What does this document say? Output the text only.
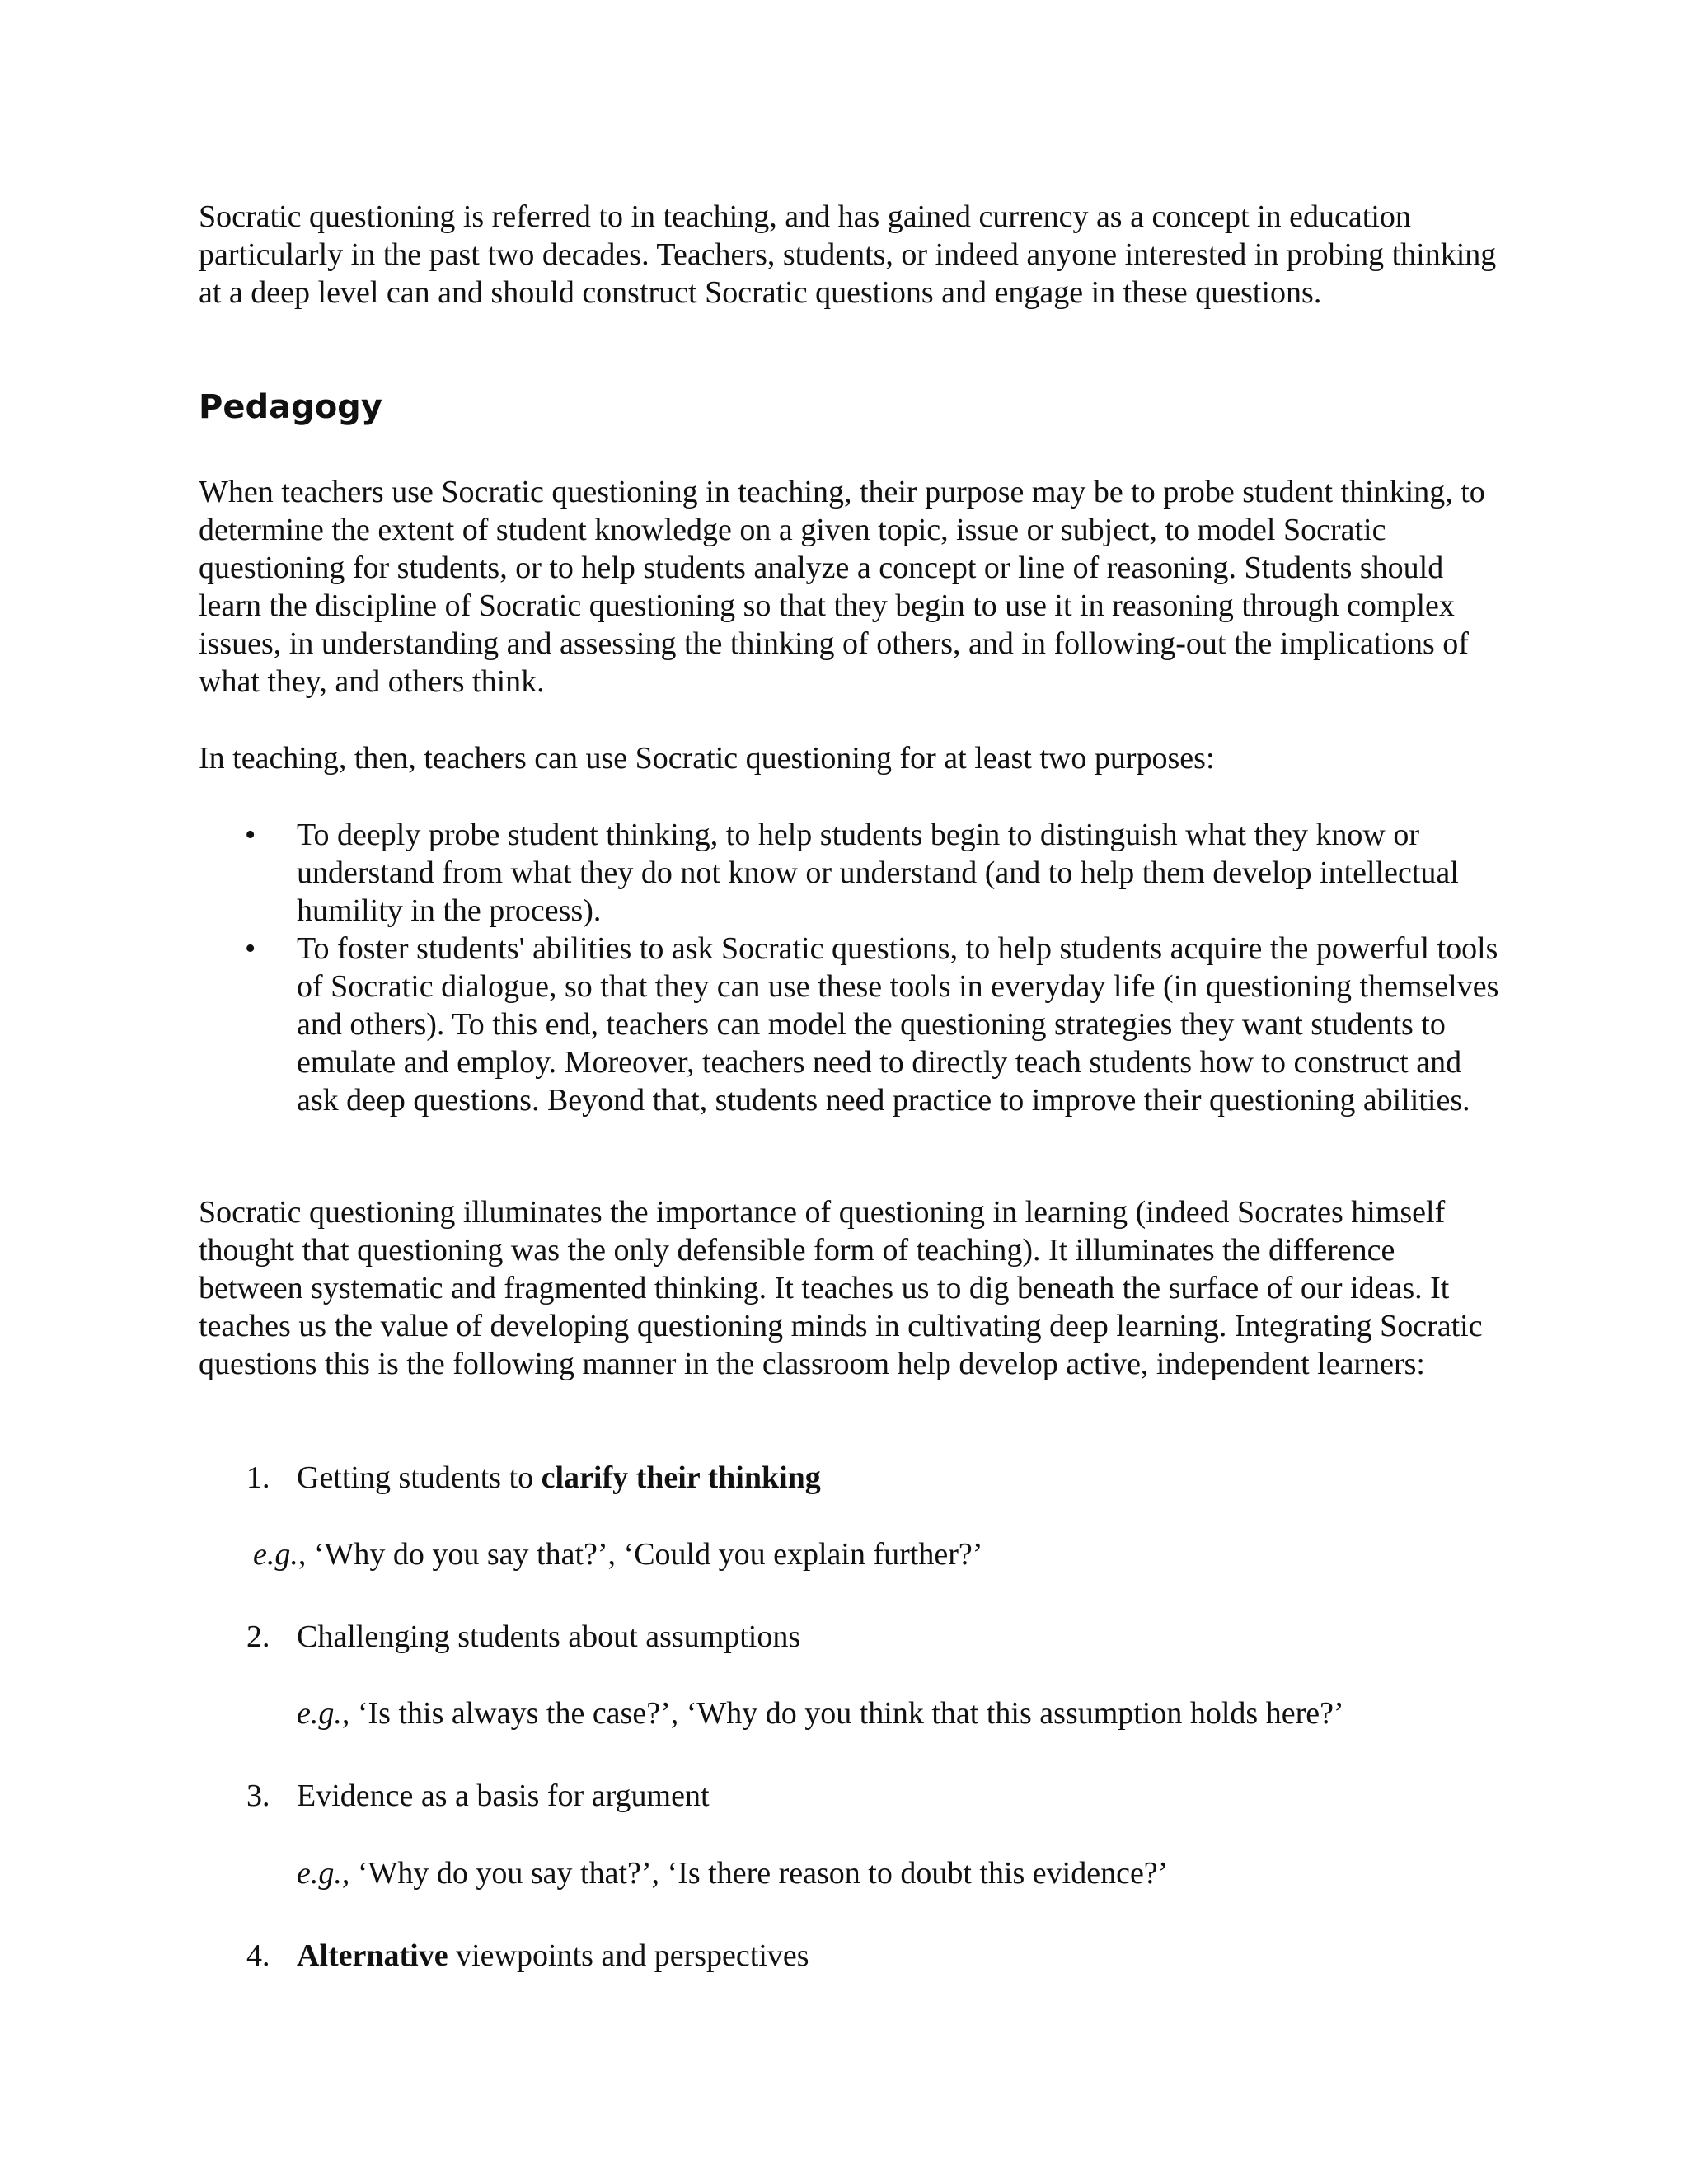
Socratic questioning is referred to in teaching, and has gained currency as a concept in education particularly in the past two decades. Teachers, students, or indeed anyone interested in probing thinking at a deep level can and should construct Socratic questions and engage in these questions.

Pedagogy

When teachers use Socratic questioning in teaching, their purpose may be to probe student thinking, to determine the extent of student knowledge on a given topic, issue or subject, to model Socratic questioning for students, or to help students analyze a concept or line of reasoning. Students should learn the discipline of Socratic questioning so that they begin to use it in reasoning through complex issues, in understanding and assessing the thinking of others, and in following-out the implications of what they, and others think.

In teaching, then, teachers can use Socratic questioning for at least two purposes:

•	To deeply probe student thinking, to help students begin to distinguish what they know or understand from what they do not know or understand (and to help them develop intellectual humility in the process).
•	To foster students' abilities to ask Socratic questions, to help students acquire the powerful tools of Socratic dialogue, so that they can use these tools in everyday life (in questioning themselves and others). To this end, teachers can model the questioning strategies they want students to emulate and employ. Moreover, teachers need to directly teach students how to construct and ask deep questions. Beyond that, students need practice to improve their questioning abilities.

Socratic questioning illuminates the importance of questioning in learning (indeed Socrates himself thought that questioning was the only defensible form of teaching). It illuminates the difference between systematic and fragmented thinking. It teaches us to dig beneath the surface of our ideas. It teaches us the value of developing questioning minds in cultivating deep learning. Integrating Socratic questions this is the following manner in the classroom help develop active, independent learners:

1. Getting students to clarify their thinking
e.g., ‘Why do you say that?’, ‘Could you explain further?’
2. Challenging students about assumptions
e.g., ‘Is this always the case?’, ‘Why do you think that this assumption holds here?’
3. Evidence as a basis for argument
e.g., ‘Why do you say that?’, ‘Is there reason to doubt this evidence?’
4. Alternative viewpoints and perspectives
